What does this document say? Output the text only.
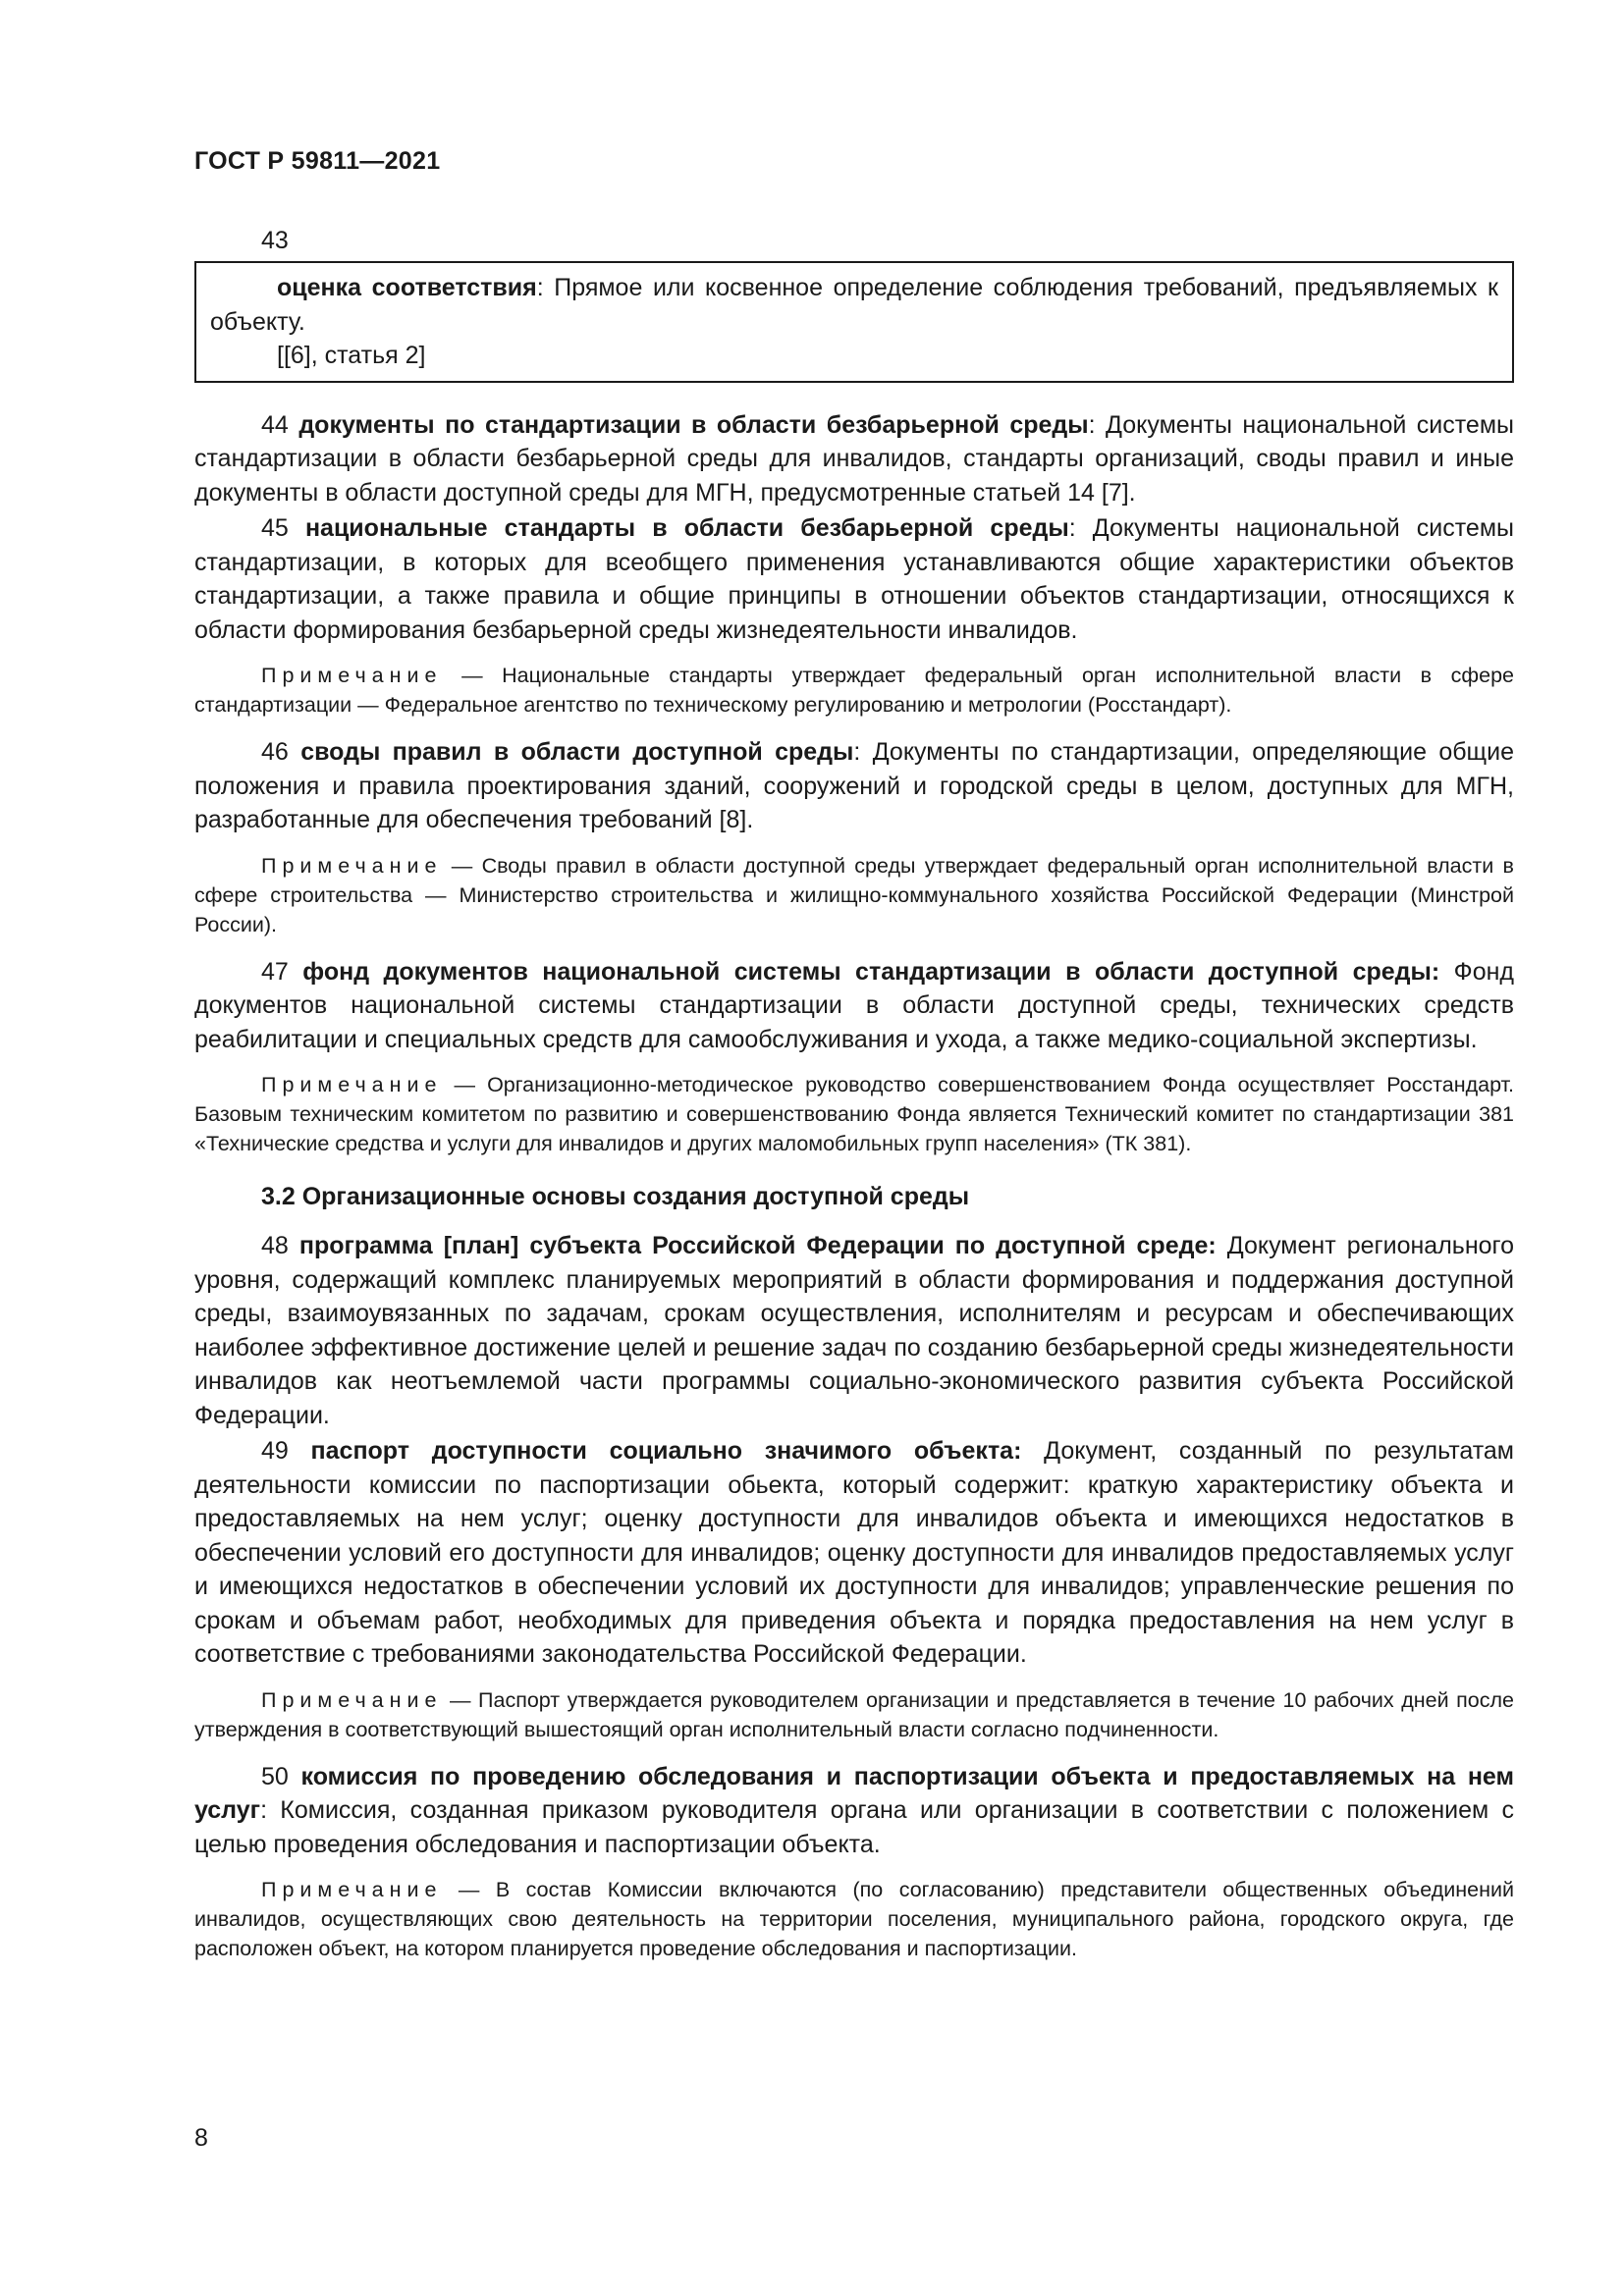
ГОСТ Р 59811—2021
43

оценка соответствия: Прямое или косвенное определение соблюдения требований, предъявляемых к объекту.

[[6], статья 2]

44 документы по стандартизации в области безбарьерной среды: Документы национальной системы стандартизации в области безбарьерной среды для инвалидов, стандарты организаций, своды правил и иные документы в области доступной среды для МГН, предусмотренные статьей 14 [7].

45 национальные стандарты в области безбарьерной среды: Документы национальной системы стандартизации, в которых для всеобщего применения устанавливаются общие характеристики объектов стандартизации, а также правила и общие принципы в отношении объектов стандартизации, относящихся к области формирования безбарьерной среды жизнедеятельности инвалидов.

Примечание — Национальные стандарты утверждает федеральный орган исполнительной власти в сфере стандартизации — Федеральное агентство по техническому регулированию и метрологии (Росстандарт).

46 своды правил в области доступной среды: Документы по стандартизации, определяющие общие положения и правила проектирования зданий, сооружений и городской среды в целом, доступных для МГН, разработанные для обеспечения требований [8].

Примечание — Своды правил в области доступной среды утверждает федеральный орган исполнительной власти в сфере строительства — Министерство строительства и жилищно-коммунального хозяйства Российской Федерации (Минстрой России).

47 фонд документов национальной системы стандартизации в области доступной среды: Фонд документов национальной системы стандартизации в области доступной среды, технических средств реабилитации и специальных средств для самообслуживания и ухода, а также медико-социальной экспертизы.

Примечание — Организационно-методическое руководство совершенствованием Фонда осуществляет Росстандарт. Базовым техническим комитетом по развитию и совершенствованию Фонда является Технический комитет по стандартизации 381 «Технические средства и услуги для инвалидов и других маломобильных групп населения» (ТК 381).
3.2 Организационные основы создания доступной среды

48 программа [план] субъекта Российской Федерации по доступной среде: Документ регионального уровня, содержащий комплекс планируемых мероприятий в области формирования и поддержания доступной среды, взаимоувязанных по задачам, срокам осуществления, исполнителям и ресурсам и обеспечивающих наиболее эффективное достижение целей и решение задач по созданию безбарьерной среды жизнедеятельности инвалидов как неотъемлемой части программы социально-экономического развития субъекта Российской Федерации.

49 паспорт доступности социально значимого объекта: Документ, созданный по результатам деятельности комиссии по паспортизации обьекта, который содержит: краткую характеристику объекта и предоставляемых на нем услуг; оценку доступности для инвалидов объекта и имеющихся недостатков в обеспечении условий его доступности для инвалидов; оценку доступности для инвалидов предоставляемых услуг и имеющихся недостатков в обеспечении условий их доступности для инвалидов; управленческие решения по срокам и объемам работ, необходимых для приведения объекта и порядка предоставления на нем услуг в соответствие с требованиями законодательства Российской Федерации.

Примечание — Паспорт утверждается руководителем организации и представляется в течение 10 рабочих дней после утверждения в соответствующий вышестоящий орган исполнительный власти согласно подчиненности.

50 комиссия по проведению обследования и паспортизации объекта и предоставляемых на нем услуг: Комиссия, созданная приказом руководителя органа или организации в соответствии с положением с целью проведения обследования и паспортизации объекта.

Примечание — В состав Комиссии включаются (по согласованию) представители общественных объединений инвалидов, осуществляющих свою деятельность на территории поселения, муниципального района, городского округа, где расположен объект, на котором планируется проведение обследования и паспортизации.
8
